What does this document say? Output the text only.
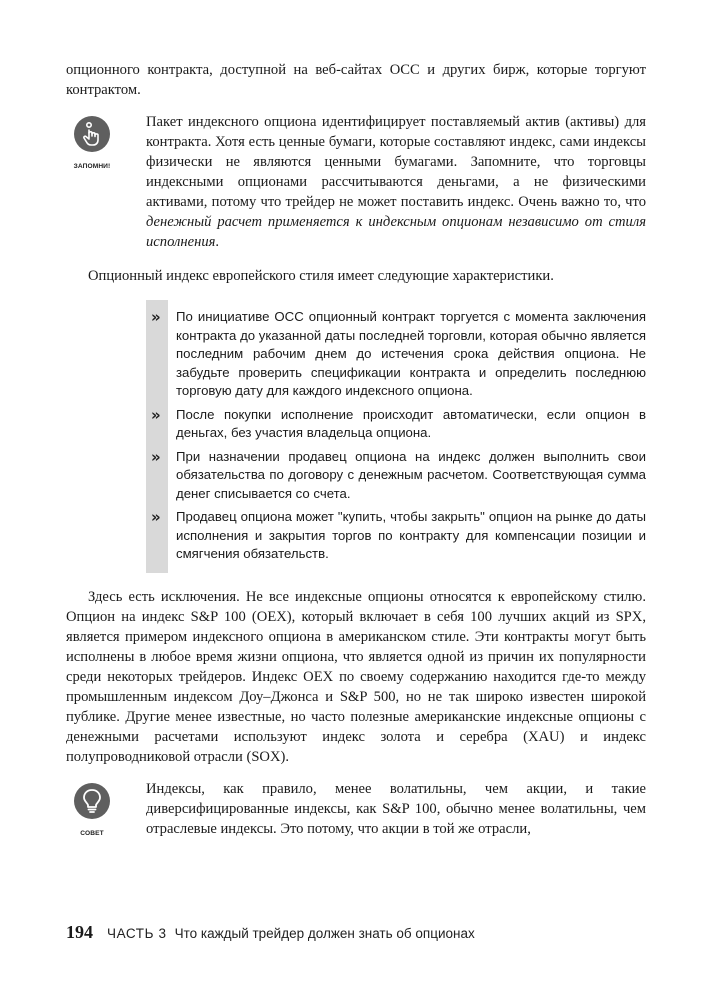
опционного контракта, доступной на веб-сайтах OCC и других бирж, которые торгуют контрактом.

ЗАПОМНИ!

Пакет индексного опциона идентифицирует поставляемый актив (активы) для контракта. Хотя есть ценные бумаги, которые составляют индекс, сами индексы физически не являются ценными бумагами. Запомните, что торговцы индексными опционами рассчитываются деньгами, а не физическими активами, потому что трейдер не может поставить индекс. Очень важно то, что денежный расчет применяется к индексным опционам независимо от стиля исполнения.

Опционный индекс европейского стиля имеет следующие характеристики.

» По инициативе OCC опционный контракт торгуется с момента заключения контракта до указанной даты последней торговли, которая обычно является последним рабочим днем до истечения срока действия опциона. Не забудьте проверить спецификации контракта и определить последнюю торговую дату для каждого индексного опциона.
» После покупки исполнение происходит автоматически, если опцион в деньгах, без участия владельца опциона.
» При назначении продавец опциона на индекс должен выполнить свои обязательства по договору с денежным расчетом. Соответствующая сумма денег списывается со счета.
» Продавец опциона может "купить, чтобы закрыть" опцион на рынке до даты исполнения и закрытия торгов по контракту для компенсации позиции и смягчения обязательств.

Здесь есть исключения. Не все индексные опционы относятся к европейскому стилю. Опцион на индекс S&P 100 (OEX), который включает в себя 100 лучших акций из SPX, является примером индексного опциона в американском стиле. Эти контракты могут быть исполнены в любое время жизни опциона, что является одной из причин их популярности среди некоторых трейдеров. Индекс OEX по своему содержанию находится где-то между промышленным индексом Доу–Джонса и S&P 500, но не так широко известен широкой публике. Другие менее известные, но часто полезные американские индексные опционы с денежными расчетами используют индекс золота и серебра (XAU) и индекс полупроводниковой отрасли (SOX).

СОВЕТ

Индексы, как правило, менее волатильны, чем акции, и такие диверсифицированные индексы, как S&P 100, обычно менее волатильны, чем отраслевые индексы. Это потому, что акции в той же отрасли,

194 ЧАСТЬ 3 Что каждый трейдер должен знать об опционах
